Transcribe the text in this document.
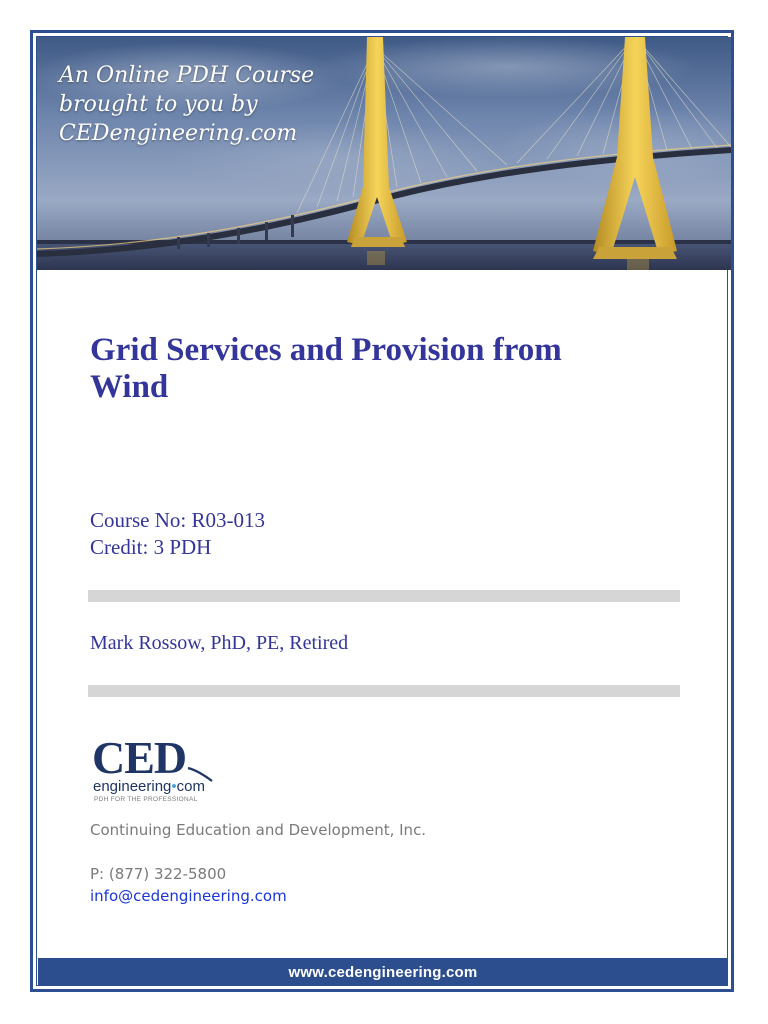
An Online PDH Course
brought to you by
CEDengineering.com
Grid Services and Provision from
Wind
Course No: R03-013
Credit: 3 PDH
Mark Rossow, PhD, PE, Retired
CED
engineering•com
PDH FOR THE PROFESSIONAL
Continuing Education and Development, Inc.
P: (877) 322-5800
info@cedengineering.com
www.cedengineering.com
